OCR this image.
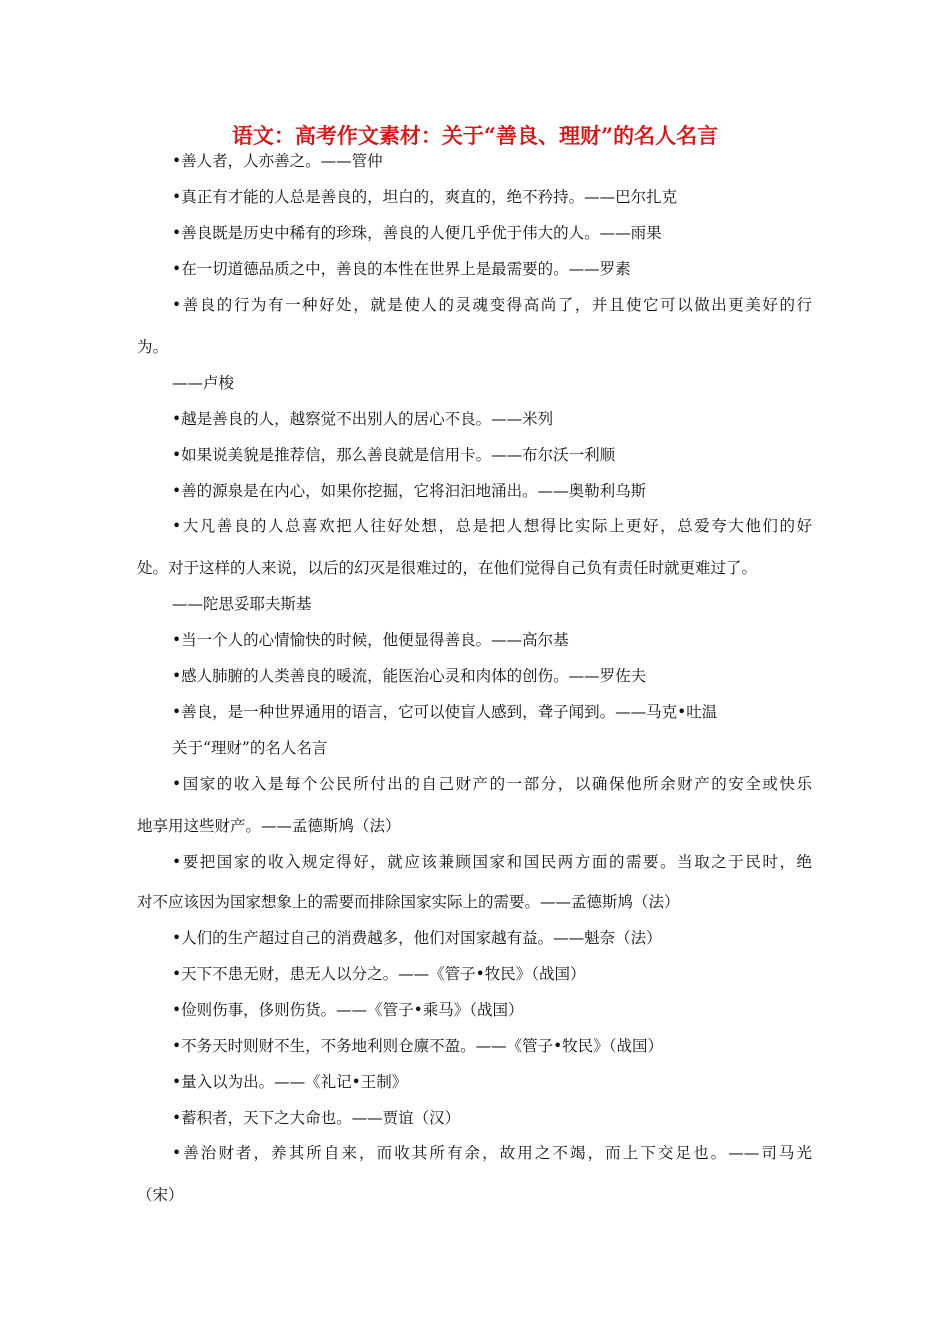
语文：高考作文素材：关于“善良、理财”的名人名言
•善人者，人亦善之。——管仲
•真正有才能的人总是善良的，坦白的，爽直的，绝不矜持。——巴尔扎克
•善良既是历史中稀有的珍珠，善良的人便几乎优于伟大的人。——雨果
•在一切道德品质之中，善良的本性在世界上是最需要的。——罗素
•善良的行为有一种好处，就是使人的灵魂变得高尚了，并且使它可以做出更美好的行
为。
——卢梭
•越是善良的人，越察觉不出别人的居心不良。——米列
•如果说美貌是推荐信，那么善良就是信用卡。——布尔沃一利顺
•善的源泉是在内心，如果你挖掘，它将汩汩地涌出。——奥勒利乌斯
•大凡善良的人总喜欢把人往好处想，总是把人想得比实际上更好，总爱夸大他们的好
处。对于这样的人来说，以后的幻灭是很难过的，在他们觉得自己负有责任时就更难过了。
——陀思妥耶夫斯基
•当一个人的心情愉快的时候，他便显得善良。——高尔基
•感人肺腑的人类善良的暖流，能医治心灵和肉体的创伤。——罗佐夫
•善良，是一种世界通用的语言，它可以使盲人感到，聋子闻到。——马克•吐温
关于“理财”的名人名言
•国家的收入是每个公民所付出的自己财产的一部分，以确保他所余财产的安全或快乐
地享用这些财产。——孟德斯鸠（法）
•要把国家的收入规定得好，就应该兼顾国家和国民两方面的需要。当取之于民时，绝
对不应该因为国家想象上的需要而排除国家实际上的需要。——孟德斯鸠（法）
•人们的生产超过自己的消费越多，他们对国家越有益。——魁奈（法）
•天下不患无财，患无人以分之。——《管子•牧民》（战国）
•俭则伤事，侈则伤货。——《管子•乘马》（战国）
•不务天时则财不生，不务地利则仓廪不盈。——《管子•牧民》（战国）
•量入以为出。——《礼记•王制》
•蓄积者，天下之大命也。——贾谊（汉）
•善治财者，养其所自来，而收其所有余，故用之不竭，而上下交足也。——司马光
（宋）
